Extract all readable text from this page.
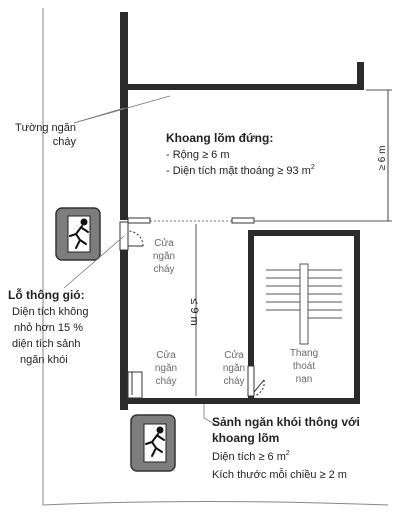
≥ 6 m
≤ 9 m
Tường ngăn
cháy	Khoang lõm đứng:
- Rộng ≥ 6 m
- Diện tích mặt thoáng ≥ 93 $m^2$
Cửa
ngăn
cháy
Lỗ thông gió:
Diện tích không
nhỏ hơn 15 %
diện tích sảnh
ngăn khói	Cửa
ngăn
cháy
Cửa
ngăn
cháy
Thang
thoát
nạn
Sảnh ngăn khói thông với
khoang lõm
Diện tích ≥ 6 $m^2$
Kích thước mỗi chiều ≥ 2 m
